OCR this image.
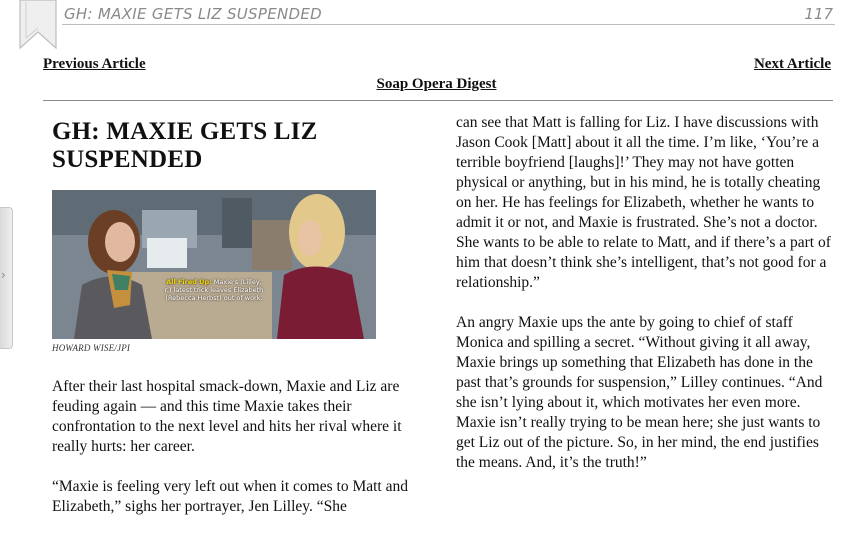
GH: MAXIE GETS LIZ SUSPENDED	117
Previous Article	Next Article
Soap Opera Digest
›
GH: MAXIE GETS LIZ SUSPENDED
All Fired Up: Maxie's (Lilley, r.) latest trick leaves Elizabeth (Rebecca Herbst) out of work.
HOWARD WISE/JPI

After their last hospital smack-down, Maxie and Liz are feuding again — and this time Maxie takes their confrontation to the next level and hits her rival where it really hurts: her career.

“Maxie is feeling very left out when it comes to Matt and Elizabeth,” sighs her portrayer, Jen Lilley. “She

can see that Matt is falling for Liz. I have discussions with Jason Cook [Matt] about it all the time. I’m like, ‘You’re a terrible boyfriend [laughs]!’ They may not have gotten physical or anything, but in his mind, he is totally cheating on her. He has feelings for Elizabeth, whether he wants to admit it or not, and Maxie is frustrated. She’s not a doctor. She wants to be able to relate to Matt, and if there’s a part of him that doesn’t think she’s intelligent, that’s not good for a relationship.”

An angry Maxie ups the ante by going to chief of staff Monica and spilling a secret. “Without giving it all away, Maxie brings up something that Elizabeth has done in the past that’s grounds for suspension,” Lilley continues. “And she isn’t lying about it, which motivates her even more. Maxie isn’t really trying to be mean here; she just wants to get Liz out of the picture. So, in her mind, the end justifies the means. And, it’s the truth!”
